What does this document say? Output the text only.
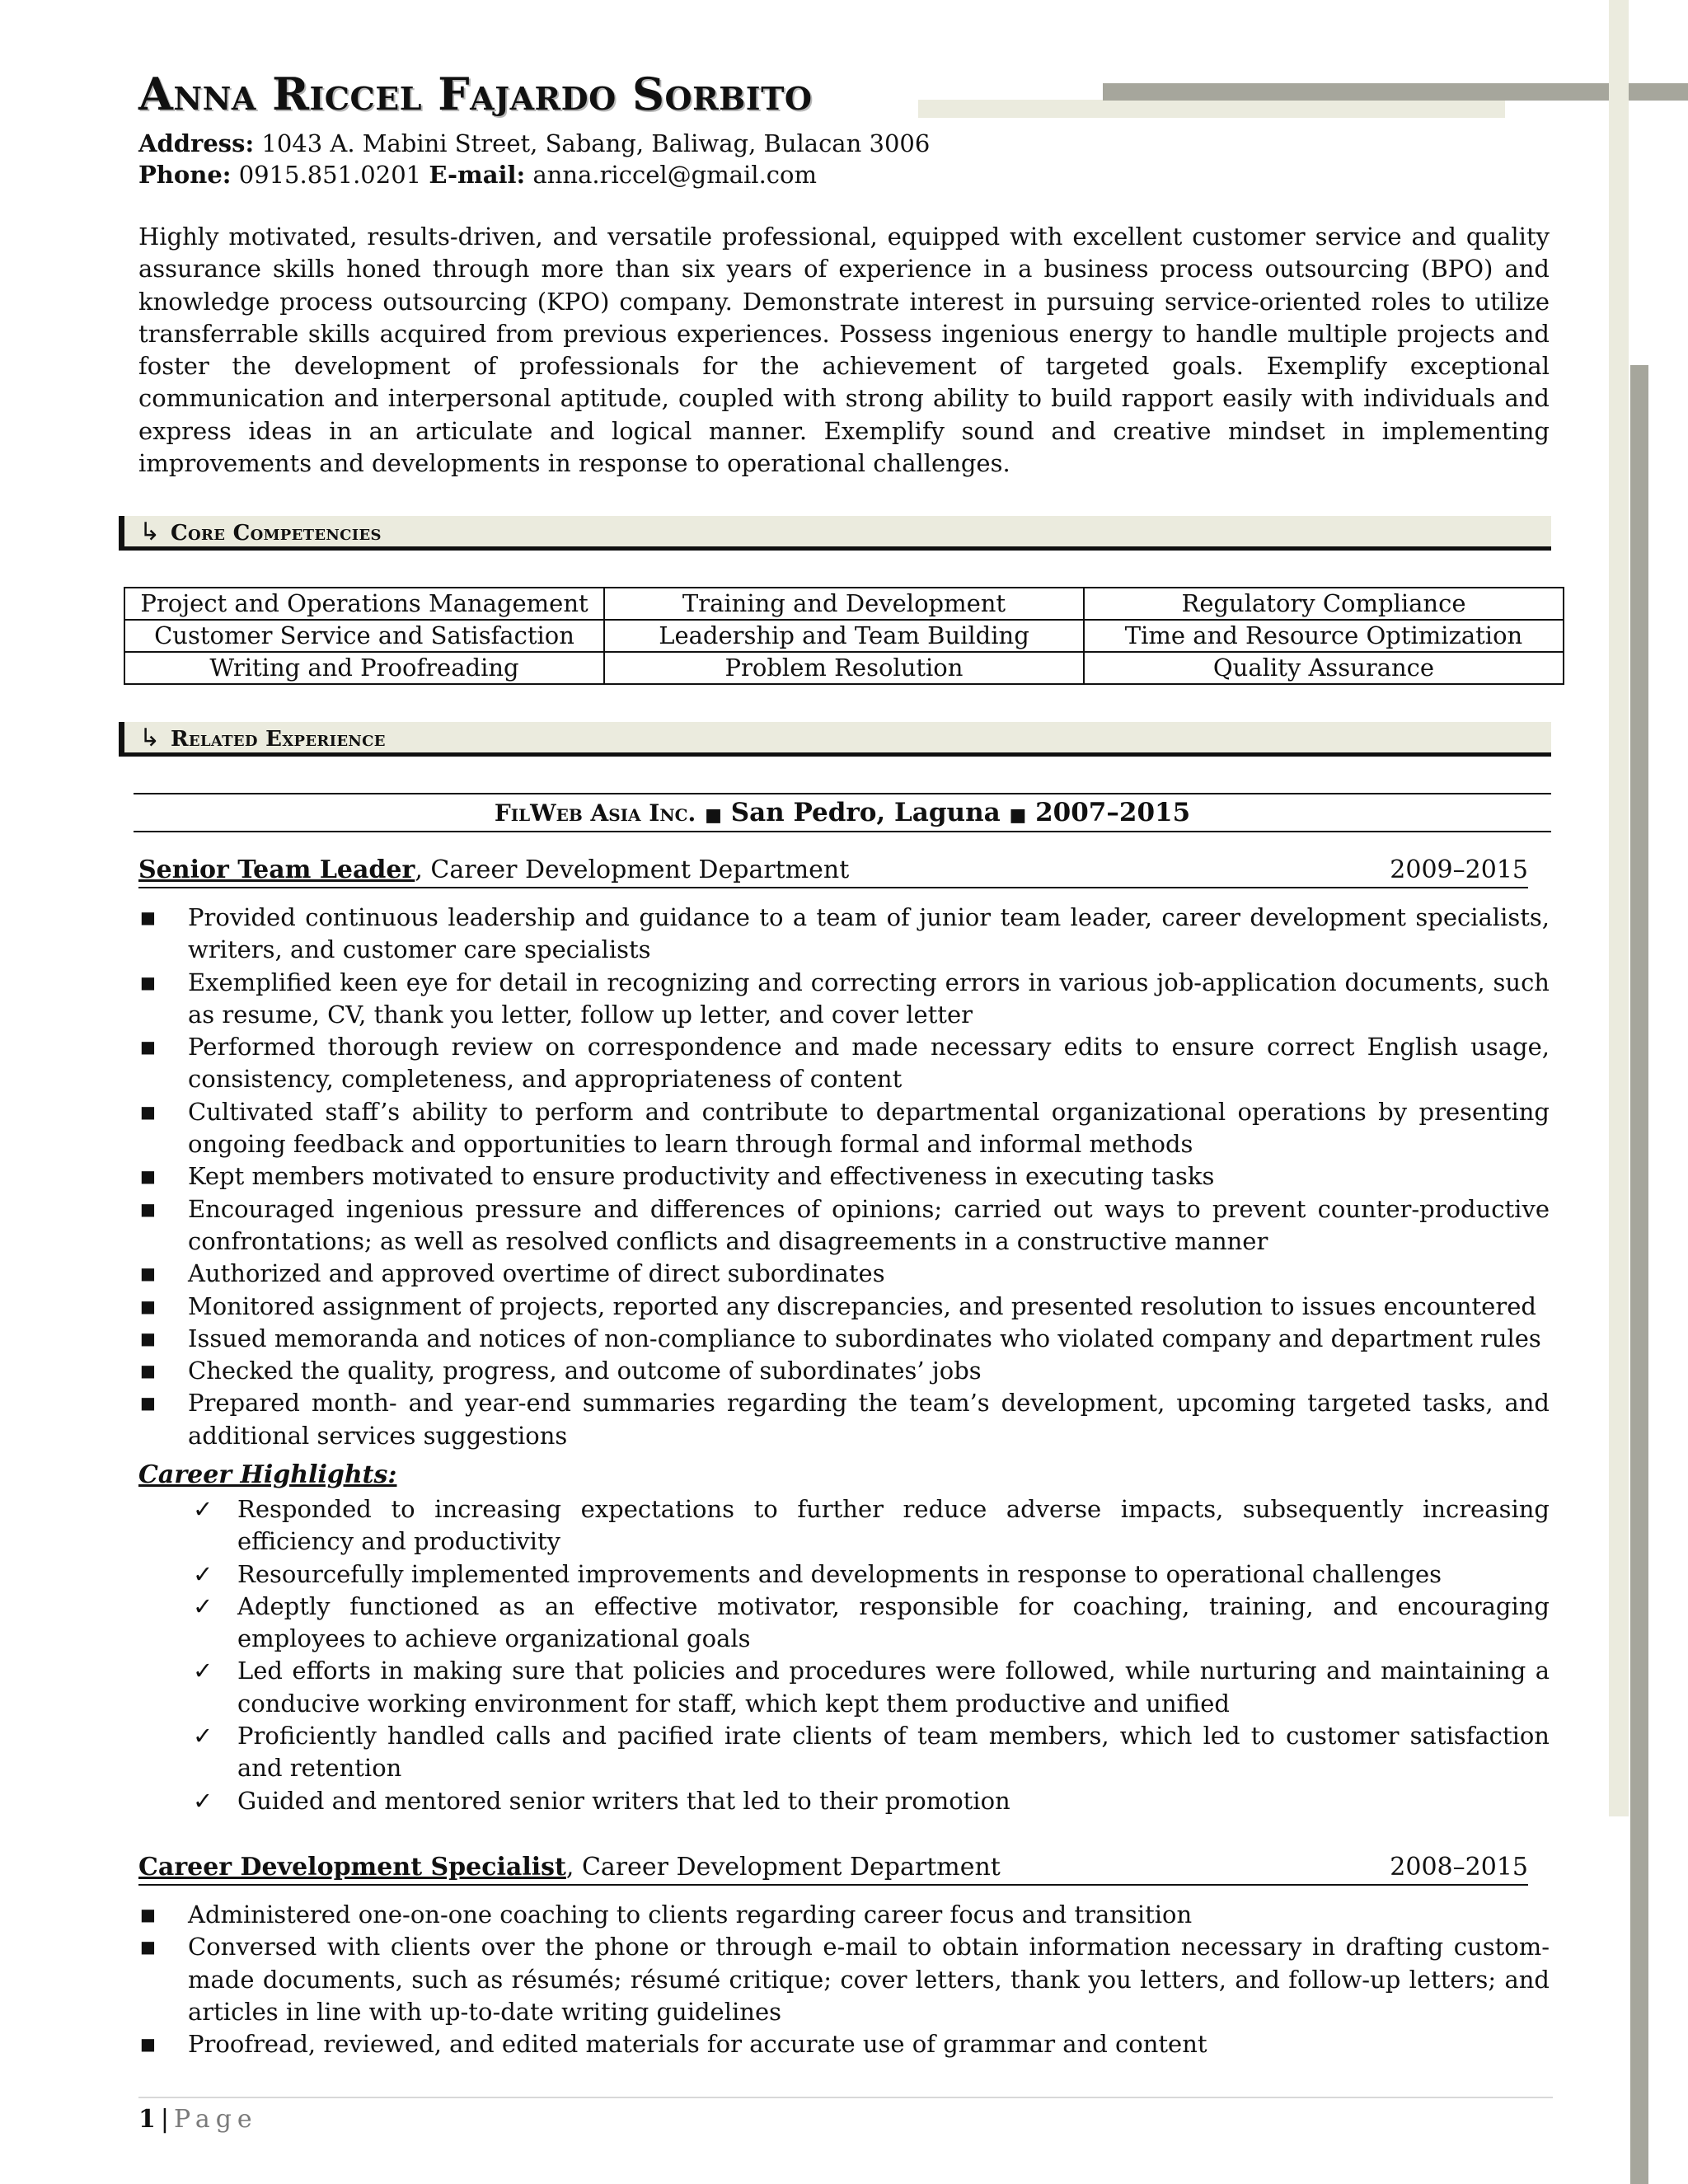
Anna Riccel Fajardo Sorbito
Address: 1043 A. Mabini Street, Sabang, Baliwag, Bulacan 3006
Phone: 0915.851.0201 E-mail: anna.riccel@gmail.com

Highly motivated, results-driven, and versatile professional, equipped with excellent customer service and quality assurance skills honed through more than six years of experience in a business process outsourcing (BPO) and knowledge process outsourcing (KPO) company. Demonstrate interest in pursuing service-oriented roles to utilize transferrable skills acquired from previous experiences. Possess ingenious energy to handle multiple projects and foster the development of professionals for the achievement of targeted goals. Exemplify exceptional communication and interpersonal aptitude, coupled with strong ability to build rapport easily with individuals and express ideas in an articulate and logical manner. Exemplify sound and creative mindset in implementing improvements and developments in response to operational challenges.

↳ Core Competencies
Project and Operations Management	Training and Development	Regulatory Compliance
Customer Service and Satisfaction	Leadership and Team Building	Time and Resource Optimization
Writing and Proofreading	Problem Resolution	Quality Assurance
↳ Related Experience
FilWeb Asia Inc. ■ San Pedro, Laguna ■ 2007–2015
Senior Team Leader, Career Development Department	2009–2015
■ Provided continuous leadership and guidance to a team of junior team leader, career development specialists, writers, and customer care specialists
■ Exemplified keen eye for detail in recognizing and correcting errors in various job-application documents, such as resume, CV, thank you letter, follow up letter, and cover letter
■ Performed thorough review on correspondence and made necessary edits to ensure correct English usage, consistency, completeness, and appropriateness of content
■ Cultivated staff’s ability to perform and contribute to departmental organizational operations by presenting ongoing feedback and opportunities to learn through formal and informal methods
■ Kept members motivated to ensure productivity and effectiveness in executing tasks
■ Encouraged ingenious pressure and differences of opinions; carried out ways to prevent counter-productive confrontations; as well as resolved conflicts and disagreements in a constructive manner
■ Authorized and approved overtime of direct subordinates
■ Monitored assignment of projects, reported any discrepancies, and presented resolution to issues encountered
■ Issued memoranda and notices of non-compliance to subordinates who violated company and department rules
■ Checked the quality, progress, and outcome of subordinates’ jobs
■ Prepared month- and year-end summaries regarding the team’s development, upcoming targeted tasks, and additional services suggestions
Career Highlights:
✓ Responded to increasing expectations to further reduce adverse impacts, subsequently increasing efficiency and productivity
✓ Resourcefully implemented improvements and developments in response to operational challenges
✓ Adeptly functioned as an effective motivator, responsible for coaching, training, and encouraging employees to achieve organizational goals
✓ Led efforts in making sure that policies and procedures were followed, while nurturing and maintaining a conducive working environment for staff, which kept them productive and unified
✓ Proficiently handled calls and pacified irate clients of team members, which led to customer satisfaction and retention
✓ Guided and mentored senior writers that led to their promotion
Career Development Specialist, Career Development Department	2008–2015
■ Administered one-on-one coaching to clients regarding career focus and transition
■ Conversed with clients over the phone or through e-mail to obtain information necessary in drafting custom-made documents, such as résumés; résumé critique; cover letters, thank you letters, and follow-up letters; and articles in line with up-to-date writing guidelines
■ Proofread, reviewed, and edited materials for accurate use of grammar and content
1 | Page
